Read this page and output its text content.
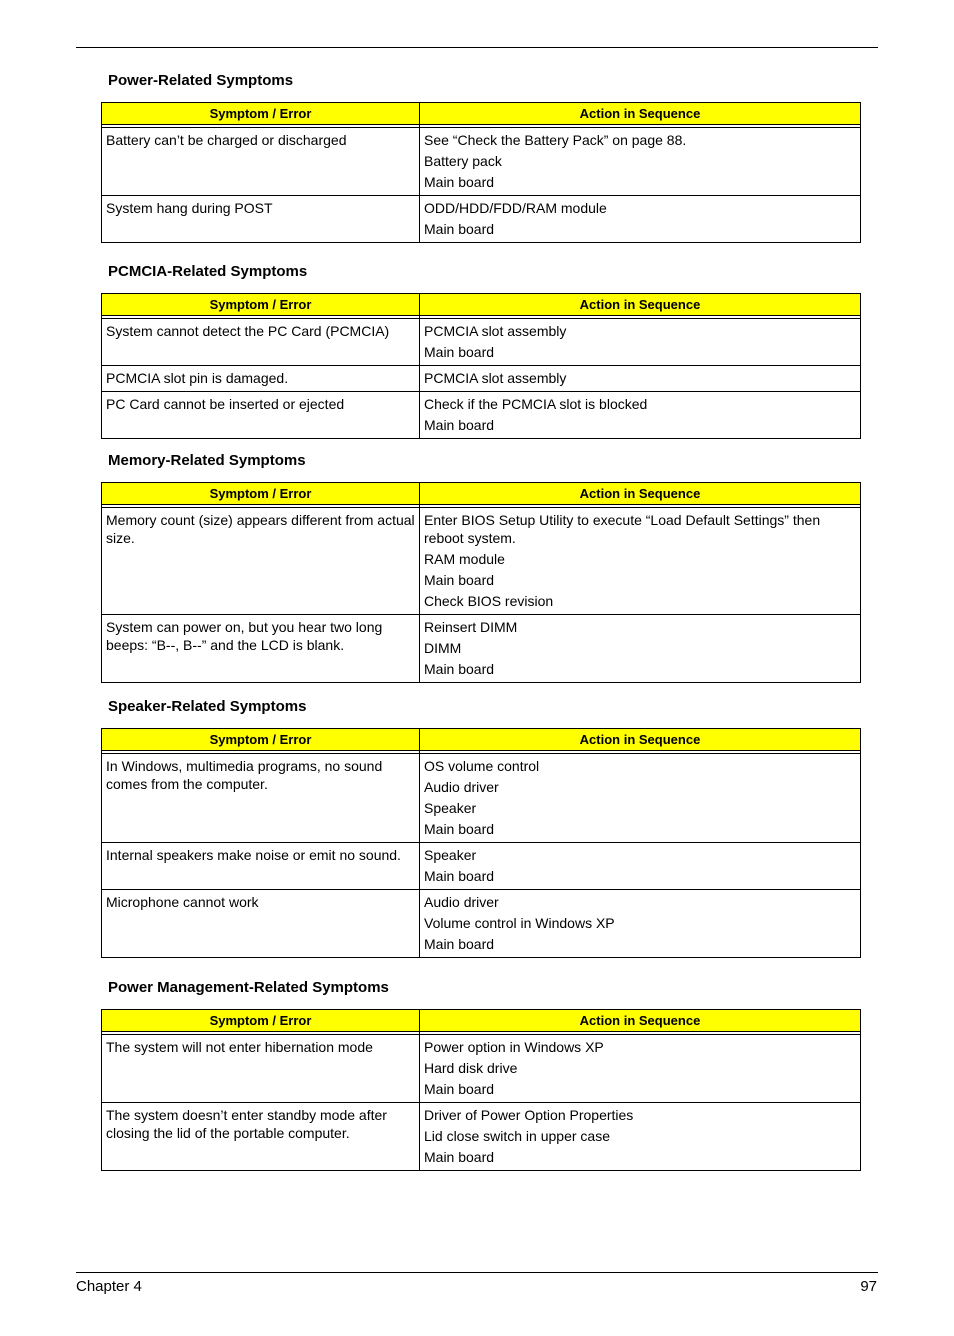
Power-Related Symptoms
Symptom / Error	Action in Sequence

Battery can’t be charged or discharged	See “Check the Battery Pack” on page 88.
Battery pack
Main board

System hang during POST	ODD/HDD/FDD/RAM module
Main board
PCMCIA-Related Symptoms
Symptom / Error	Action in Sequence

System cannot detect the PC Card (PCMCIA)	PCMCIA slot assembly
Main board

PCMCIA slot pin is damaged.	PCMCIA slot assembly

PC Card cannot be inserted or ejected	Check if the PCMCIA slot is blocked
Main board
Memory-Related Symptoms
Symptom / Error	Action in Sequence

Memory count (size) appears different from actual size.	Enter BIOS Setup Utility to execute “Load Default Settings” then reboot system.
RAM module
Main board
Check BIOS revision

System can power on, but you hear two long beeps: “B--, B--” and the LCD is blank.	Reinsert DIMM
DIMM
Main board
Speaker-Related Symptoms
Symptom / Error	Action in Sequence

In Windows, multimedia programs, no sound comes from the computer.	OS volume control
Audio driver
Speaker
Main board

Internal speakers make noise or emit no sound.	Speaker
Main board

Microphone cannot work	Audio driver
Volume control in Windows XP
Main board
Power Management-Related Symptoms
Symptom / Error	Action in Sequence

The system will not enter hibernation mode	Power option in Windows XP
Hard disk drive
Main board

The system doesn’t enter standby mode after closing the lid of the portable computer.	Driver of Power Option Properties
Lid close switch in upper case
Main board
Chapter 4	97
